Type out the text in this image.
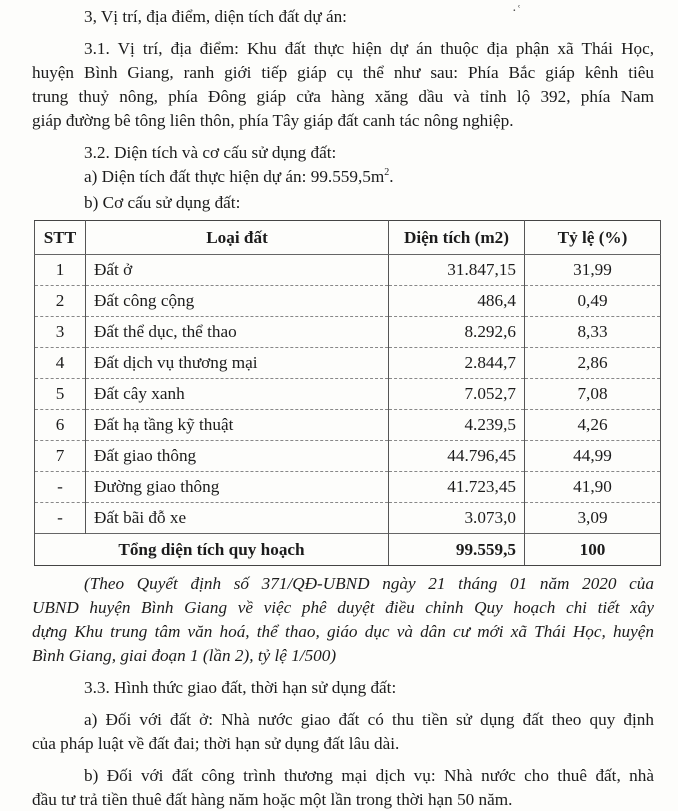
3, Vị trí, địa điểm, diện tích đất dự án:	·ʿ
3.1. Vị trí, địa điểm: Khu đất thực hiện dự án thuộc địa phận xã Thái Học,
huyện Bình Giang, ranh giới tiếp giáp cụ thể như sau: Phía Bắc giáp kênh tiêu
trung thuỷ nông, phía Đông giáp cửa hàng xăng dầu và tỉnh lộ 392, phía Nam
giáp đường bê tông liên thôn, phía Tây giáp đất canh tác nông nghiệp.
3.2. Diện tích và cơ cấu sử dụng đất:
a) Diện tích đất thực hiện dự án: $99.559,5m^2$.
b) Cơ cấu sử dụng đất:
STT	Loại đất	Diện tích (m2)	Tỷ lệ (%)
1	Đất ở	31.847,15	31,99
2	Đất công cộng	486,4	0,49
3	Đất thể dục, thể thao	8.292,6	8,33
4	Đất dịch vụ thương mại	2.844,7	2,86
5	Đất cây xanh	7.052,7	7,08
6	Đất hạ tầng kỹ thuật	4.239,5	4,26
7	Đất giao thông	44.796,45	44,99
-	Đường giao thông	41.723,45	41,90
-	Đất bãi đỗ xe	3.073,0	3,09
Tổng diện tích quy hoạch		99.559,5	100
(Theo Quyết định số 371/QĐ-UBND ngày 21 tháng 01 năm 2020 của
UBND huyện Bình Giang về việc phê duyệt điều chỉnh Quy hoạch chi tiết xây
dựng Khu trung tâm văn hoá, thể thao, giáo dục và dân cư mới xã Thái Học, huyện
Bình Giang, giai đoạn 1 (lần 2), tỷ lệ 1/500)
3.3. Hình thức giao đất, thời hạn sử dụng đất:
a) Đối với đất ở: Nhà nước giao đất có thu tiền sử dụng đất theo quy định
của pháp luật về đất đai; thời hạn sử dụng đất lâu dài.
b) Đối với đất công trình thương mại dịch vụ: Nhà nước cho thuê đất, nhà
đầu tư trả tiền thuê đất hàng năm hoặc một lần trong thời hạn 50 năm.
